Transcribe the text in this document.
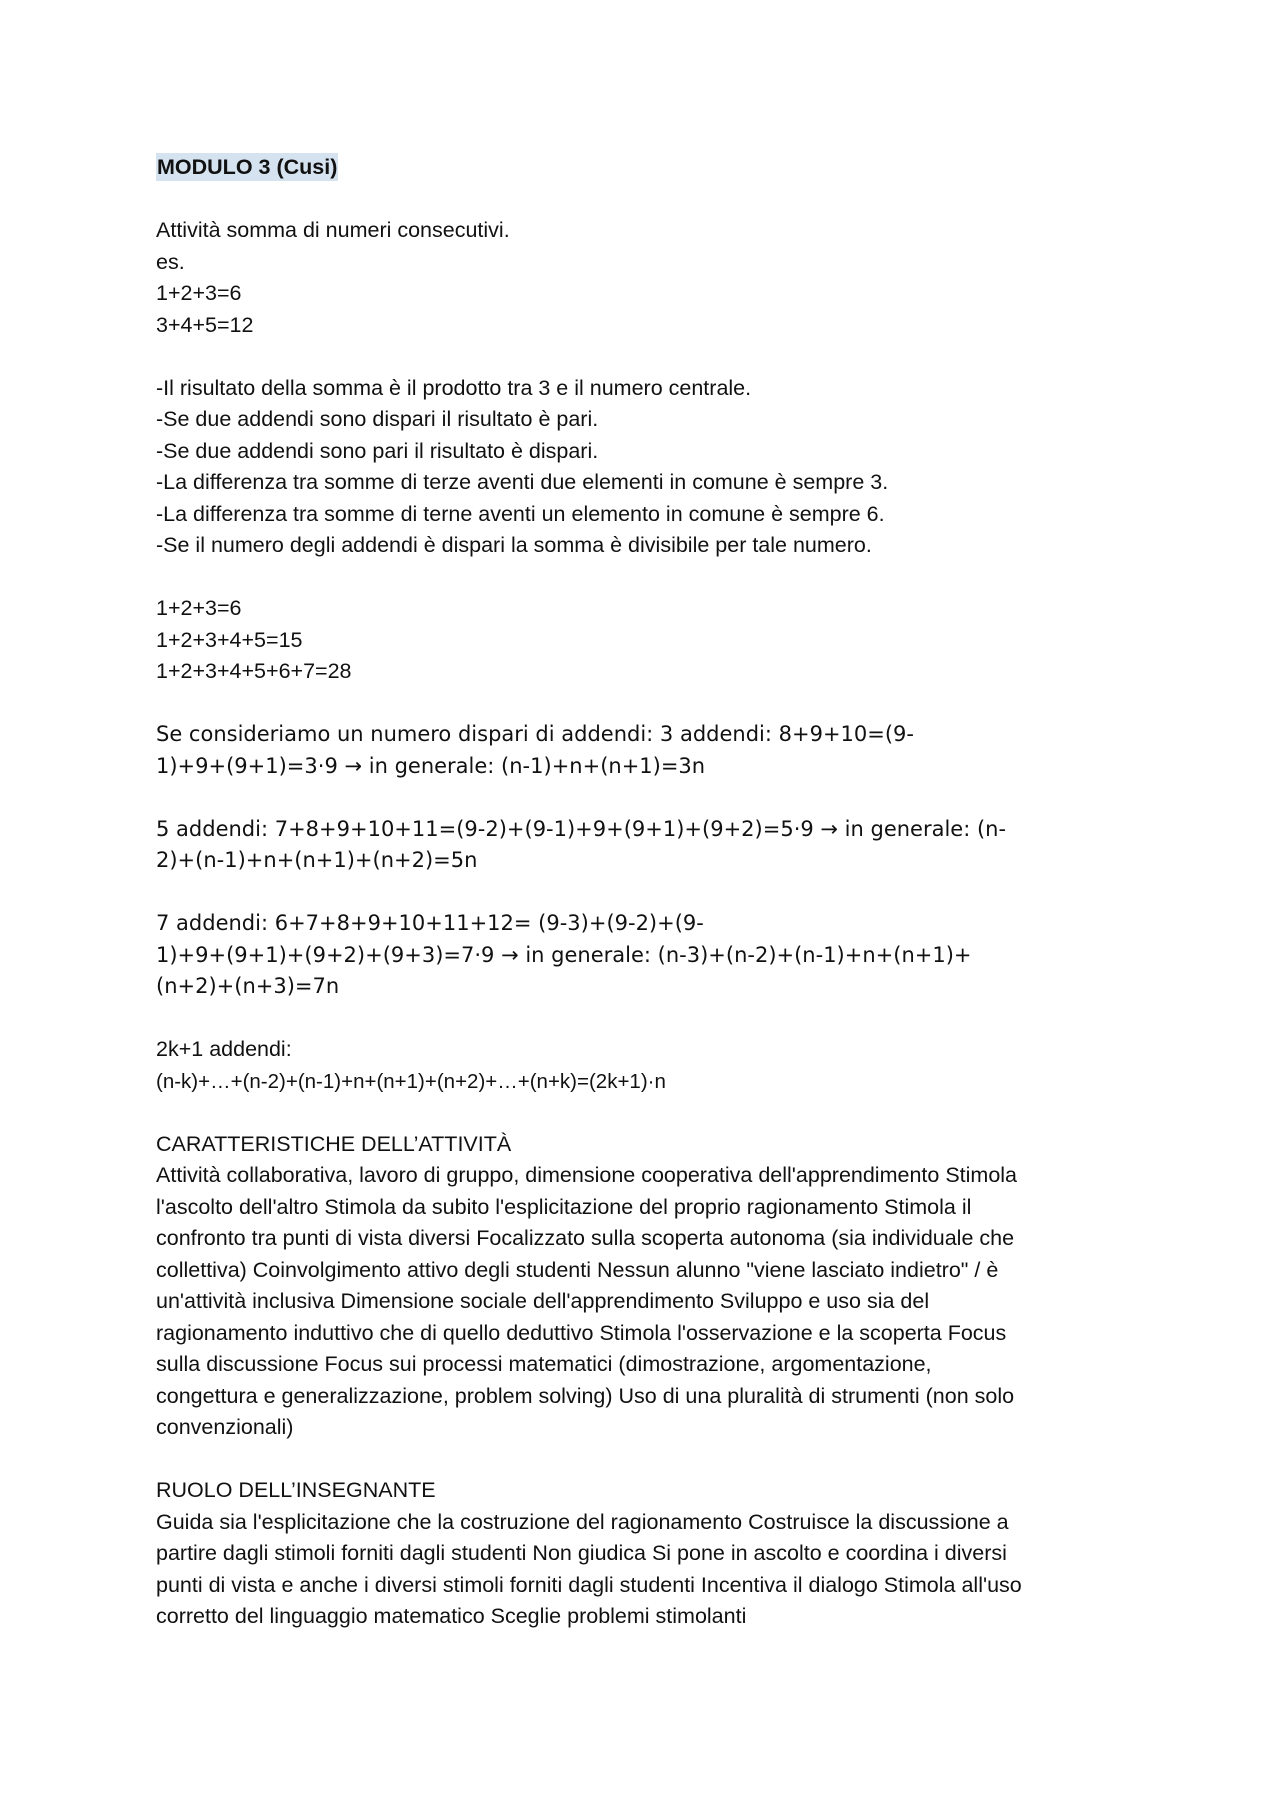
MODULO 3 (Cusi)
Attività somma di numeri consecutivi.
es.
1+2+3=6
3+4+5=12
-Il risultato della somma è il prodotto tra 3 e il numero centrale.
-Se due addendi sono dispari il risultato è pari.
-Se due addendi sono pari il risultato è dispari.
-La differenza tra somme di terze aventi due elementi in comune è sempre 3.
-La differenza tra somme di terne aventi un elemento in comune è sempre 6.
-Se il numero degli addendi è dispari la somma è divisibile per tale numero.
1+2+3=6
1+2+3+4+5=15
1+2+3+4+5+6+7=28
Se consideriamo un numero dispari di addendi: 3 addendi: 8+9+10=(9-
1)+9+(9+1)=3·9 → in generale: (n-1)+n+(n+1)=3n
5 addendi: 7+8+9+10+11=(9-2)+(9-1)+9+(9+1)+(9+2)=5·9 → in generale: (n-
2)+(n-1)+n+(n+1)+(n+2)=5n
7 addendi: 6+7+8+9+10+11+12= (9-3)+(9-2)+(9-
1)+9+(9+1)+(9+2)+(9+3)=7·9 → in generale: (n-3)+(n-2)+(n-1)+n+(n+1)+
(n+2)+(n+3)=7n
2k+1 addendi:
(n-k)+…+(n-2)+(n-1)+n+(n+1)+(n+2)+…+(n+k)=(2k+1)·n
CARATTERISTICHE DELL’ATTIVITÀ
Attività collaborativa, lavoro di gruppo, dimensione cooperativa dell'apprendimento Stimola
l'ascolto dell'altro Stimola da subito l'esplicitazione del proprio ragionamento Stimola il
confronto tra punti di vista diversi Focalizzato sulla scoperta autonoma (sia individuale che
collettiva) Coinvolgimento attivo degli studenti Nessun alunno "viene lasciato indietro" / è
un'attività inclusiva Dimensione sociale dell'apprendimento Sviluppo e uso sia del
ragionamento induttivo che di quello deduttivo Stimola l'osservazione e la scoperta Focus
sulla discussione Focus sui processi matematici (dimostrazione, argomentazione,
congettura e generalizzazione, problem solving) Uso di una pluralità di strumenti (non solo
convenzionali)
RUOLO DELL’INSEGNANTE
Guida sia l'esplicitazione che la costruzione del ragionamento Costruisce la discussione a
partire dagli stimoli forniti dagli studenti Non giudica Si pone in ascolto e coordina i diversi
punti di vista e anche i diversi stimoli forniti dagli studenti Incentiva il dialogo Stimola all'uso
corretto del linguaggio matematico Sceglie problemi stimolanti
